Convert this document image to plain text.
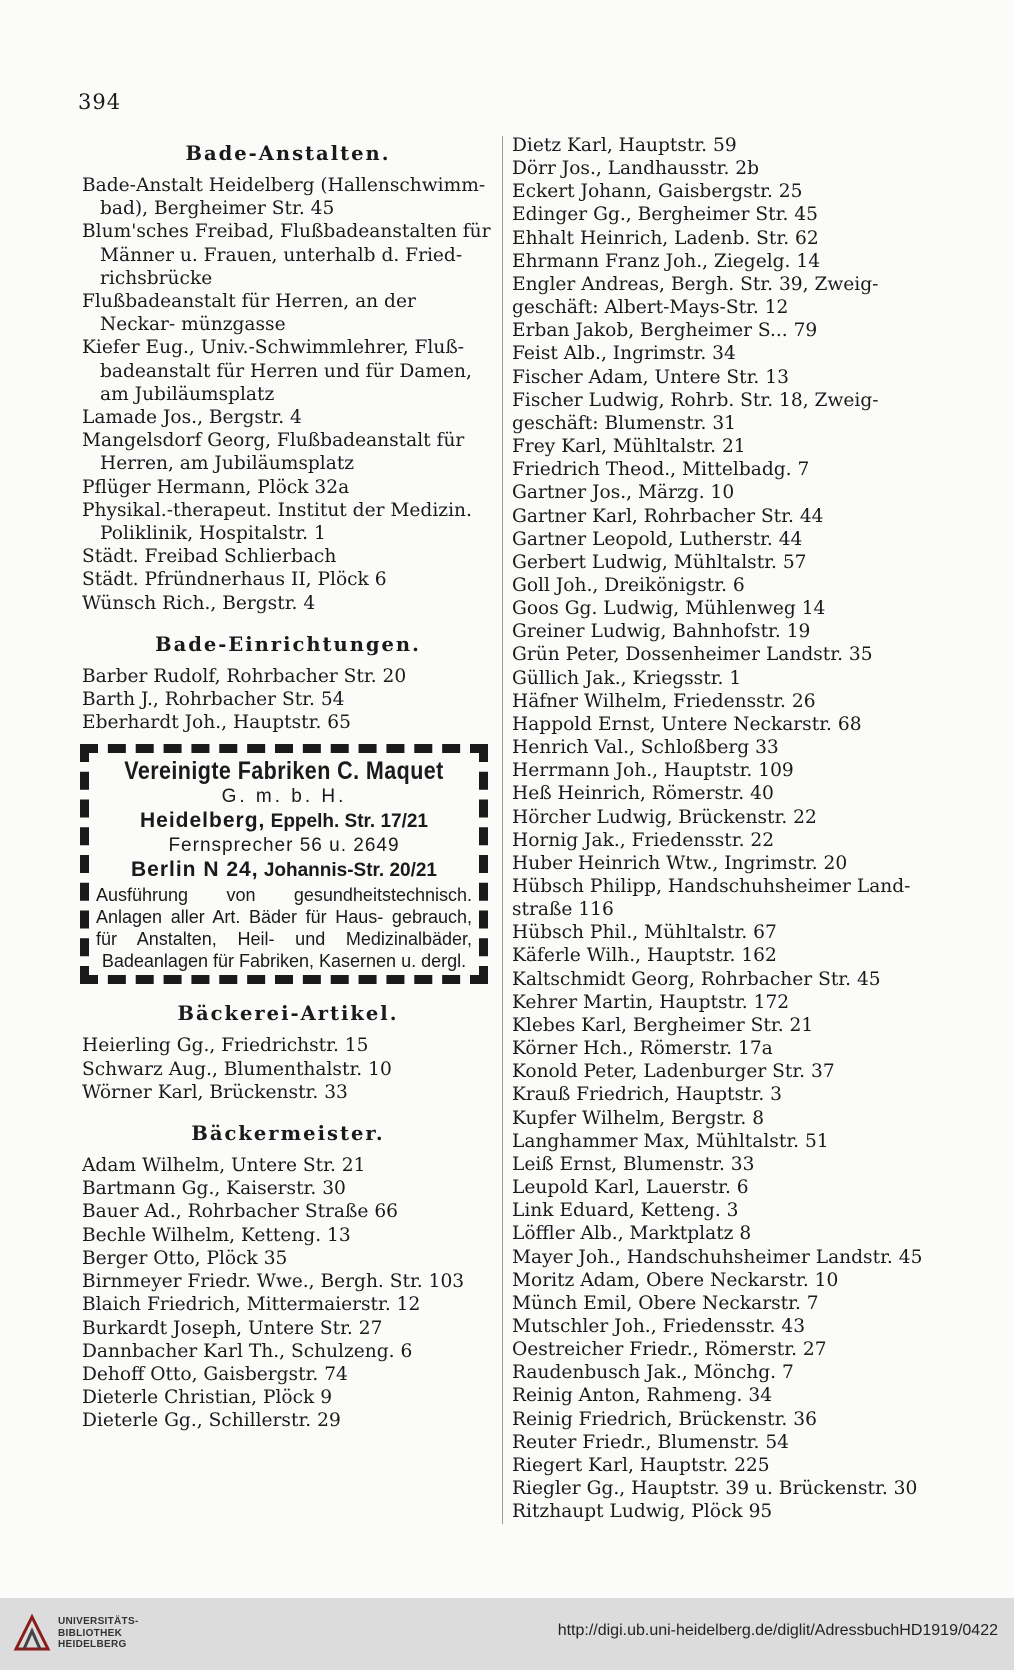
394
Bade-Anstalten.
Bade-Anstalt Heidelberg (Hallenschwimm- bad), Bergheimer Str. 45
Blum'sches Freibad, Flußbadeanstalten für Männer u. Frauen, unterhalb d. Fried- richsbrücke
Flußbadeanstalt für Herren, an der Neckar- münzgasse
Kiefer Eug., Univ.-Schwimmlehrer, Fluß- badeanstalt für Herren und für Damen, am Jubiläumsplatz
Lamade Jos., Bergstr. 4
Mangelsdorf Georg, Flußbadeanstalt für Herren, am Jubiläumsplatz
Pflüger Hermann, Plöck 32a
Physikal.-therapeut. Institut der Medizin. Poliklinik, Hospitalstr. 1
Städt. Freibad Schlierbach
Städt. Pfründnerhaus II, Plöck 6
Wünsch Rich., Bergstr. 4
Bade-Einrichtungen.
Barber Rudolf, Rohrbacher Str. 20
Barth J., Rohrbacher Str. 54
Eberhardt Joh., Hauptstr. 65
Vereinigte Fabriken C. Maquet
G. m. b. H.
Heidelberg, Eppelh. Str. 17/21
Fernsprecher 56 u. 2649
Berlin N 24, Johannis-Str. 20/21
Ausführung von gesundheitstechnisch. Anlagen aller Art. Bäder für Haus- gebrauch, für Anstalten, Heil- und Medizinalbäder, Badeanlagen für Fabriken, Kasernen u. dergl.
Bäckerei-Artikel.
Heierling Gg., Friedrichstr. 15
Schwarz Aug., Blumenthalstr. 10
Wörner Karl, Brückenstr. 33
Bäckermeister.
Adam Wilhelm, Untere Str. 21
Bartmann Gg., Kaiserstr. 30
Bauer Ad., Rohrbacher Straße 66
Bechle Wilhelm, Ketteng. 13
Berger Otto, Plöck 35
Birnmeyer Friedr. Wwe., Bergh. Str. 103
Blaich Friedrich, Mittermaierstr. 12
Burkardt Joseph, Untere Str. 27
Dannbacher Karl Th., Schulzeng. 6
Dehoff Otto, Gaisbergstr. 74
Dieterle Christian, Plöck 9
Dieterle Gg., Schillerstr. 29
Dietz Karl, Hauptstr. 59
Dörr Jos., Landhausstr. 2b
Eckert Johann, Gaisbergstr. 25
Edinger Gg., Bergheimer Str. 45
Ehhalt Heinrich, Ladenb. Str. 62
Ehrmann Franz Joh., Ziegelg. 14
Engler Andreas, Bergh. Str. 39, Zweig-
geschäft: Albert-Mays-Str. 12
Erban Jakob, Bergheimer S... 79
Feist Alb., Ingrimstr. 34
Fischer Adam, Untere Str. 13
Fischer Ludwig, Rohrb. Str. 18, Zweig-
geschäft: Blumenstr. 31
Frey Karl, Mühltalstr. 21
Friedrich Theod., Mittelbadg. 7
Gartner Jos., Märzg. 10
Gartner Karl, Rohrbacher Str. 44
Gartner Leopold, Lutherstr. 44
Gerbert Ludwig, Mühltalstr. 57
Goll Joh., Dreikönigstr. 6
Goos Gg. Ludwig, Mühlenweg 14
Greiner Ludwig, Bahnhofstr. 19
Grün Peter, Dossenheimer Landstr. 35
Güllich Jak., Kriegsstr. 1
Häfner Wilhelm, Friedensstr. 26
Happold Ernst, Untere Neckarstr. 68
Henrich Val., Schloßberg 33
Herrmann Joh., Hauptstr. 109
Heß Heinrich, Römerstr. 40
Hörcher Ludwig, Brückenstr. 22
Hornig Jak., Friedensstr. 22
Huber Heinrich Wtw., Ingrimstr. 20
Hübsch Philipp, Handschuhsheimer Land-
straße 116
Hübsch Phil., Mühltalstr. 67
Käferle Wilh., Hauptstr. 162
Kaltschmidt Georg, Rohrbacher Str. 45
Kehrer Martin, Hauptstr. 172
Klebes Karl, Bergheimer Str. 21
Körner Hch., Römerstr. 17a
Konold Peter, Ladenburger Str. 37
Krauß Friedrich, Hauptstr. 3
Kupfer Wilhelm, Bergstr. 8
Langhammer Max, Mühltalstr. 51
Leiß Ernst, Blumenstr. 33
Leupold Karl, Lauerstr. 6
Link Eduard, Ketteng. 3
Löffler Alb., Marktplatz 8
Mayer Joh., Handschuhsheimer Landstr. 45
Moritz Adam, Obere Neckarstr. 10
Münch Emil, Obere Neckarstr. 7
Mutschler Joh., Friedensstr. 43
Oestreicher Friedr., Römerstr. 27
Raudenbusch Jak., Mönchg. 7
Reinig Anton, Rahmeng. 34
Reinig Friedrich, Brückenstr. 36
Reuter Friedr., Blumenstr. 54
Riegert Karl, Hauptstr. 225
Riegler Gg., Hauptstr. 39 u. Brückenstr. 30
Ritzhaupt Ludwig, Plöck 95
UNIVERSITÄTS-
BIBLIOTHEK
HEIDELBERG
http://digi.ub.uni-heidelberg.de/diglit/AdressbuchHD1919/0422
